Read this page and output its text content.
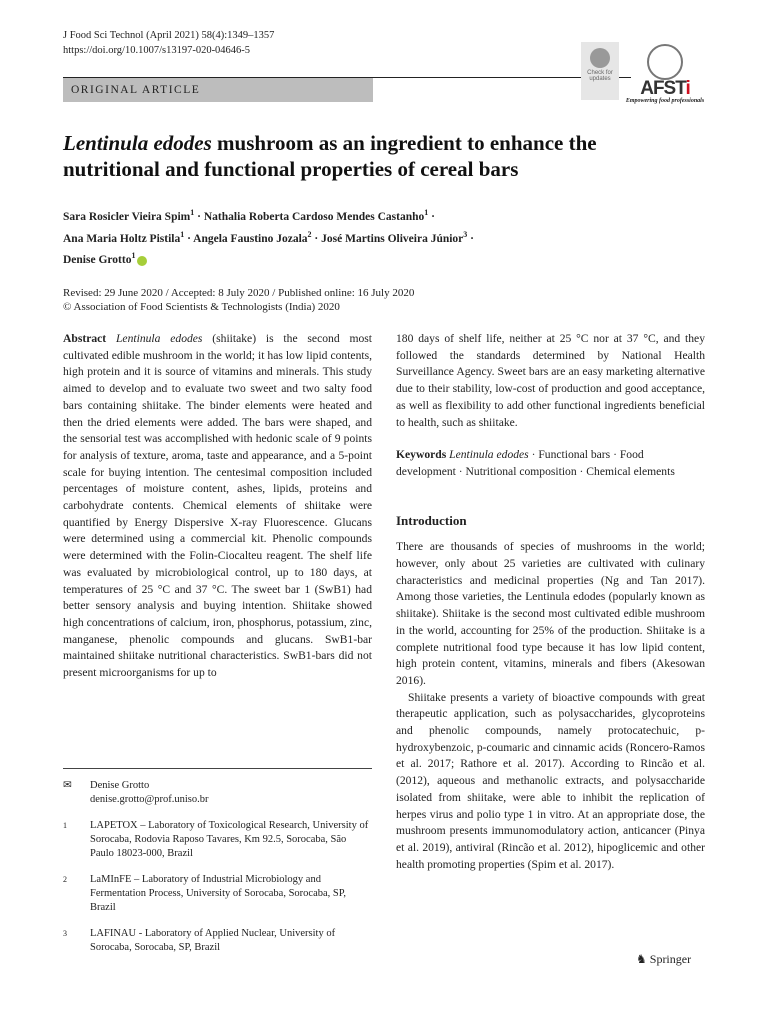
J Food Sci Technol (April 2021) 58(4):1349–1357
https://doi.org/10.1007/s13197-020-04646-5
ORIGINAL ARTICLE
Check for updates	AFSTi
Empowering food professionals
Lentinula edodes mushroom as an ingredient to enhance the nutritional and functional properties of cereal bars
Sara Rosicler Vieira Spim$^1$ · Nathalia Roberta Cardoso Mendes Castanho$^1$ ·
Ana Maria Holtz Pistila$^1$ · Angela Faustino Jozala$^2$ · José Martins Oliveira Júnior$^3$ ·
Denise Grotto$^1$
Revised: 29 June 2020 / Accepted: 8 July 2020 / Published online: 16 July 2020
© Association of Food Scientists & Technologists (India) 2020

Abstract Lentinula edodes (shiitake) is the second most cultivated edible mushroom in the world; it has low lipid contents, high protein and it is source of vitamins and minerals. This study aimed to develop and to evaluate two sweet and two salty food bars containing shiitake. The binder elements were heated and then the dried elements were added. The bars were shaped, and the sensorial test was accomplished with hedonic scale of 9 points for analysis of texture, aroma, taste and appearance, and a 5-point scale for buying intention. The centesimal composition included percentages of moisture content, ashes, lipids, proteins and carbohydrate contents. Chemical elements of shiitake were quantified by Energy Dispersive X-ray Fluorescence. Glucans were determined using a commercial kit. Phenolic compounds were determined with the Folin-Ciocalteu reagent. The shelf life was evaluated by microbiological control, up to 180 days, at temperatures of 25 °C and 37 °C. The sweet bar 1 (SwB1) had better sensory analysis and buying intention. Shiitake showed high concentrations of calcium, iron, phosphorus, potassium, zinc, manganese, phenolic compounds and glucans. SwB1-bar maintained shiitake nutritional characteristics. SwB1-bars did not present microorganisms for up to

✉	Denise Grotto
denise.grotto@prof.uniso.br
1	LAPETOX – Laboratory of Toxicological Research, University of Sorocaba, Rodovia Raposo Tavares, Km 92.5, Sorocaba, São Paulo 18023-000, Brazil
2	LaMInFE – Laboratory of Industrial Microbiology and Fermentation Process, University of Sorocaba, Sorocaba, SP, Brazil
3	LAFINAU - Laboratory of Applied Nuclear, University of Sorocaba, Sorocaba, SP, Brazil

180 days of shelf life, neither at 25 °C nor at 37 °C, and they followed the standards determined by National Health Surveillance Agency. Sweet bars are an easy marketing alternative due to their stability, low-cost of production and good acceptance, as well as flexibility to add other functional ingredients beneficial to health, such as shiitake.

Keywords Lentinula edodes · Functional bars · Food development · Nutritional composition · Chemical elements

Introduction

There are thousands of species of mushrooms in the world; however, only about 25 varieties are cultivated with culinary characteristics and medicinal properties (Ng and Tan 2017). Among those varieties, the Lentinula edodes (popularly known as shiitake). Shiitake is the second most cultivated edible mushroom in the world, accounting for 25% of the production. Shiitake is a complete nutritional food type because it has low lipid content, high protein content, vitamins, minerals and fibers (Akesowan 2016).

Shiitake presents a variety of bioactive compounds with great therapeutic application, such as polysaccharides, glycoproteins and phenolic compounds, namely protocatechuic, p-hydroxybenzoic, p-coumaric and cinnamic acids (Roncero-Ramos et al. 2017; Rathore et al. 2017). According to Rincão et al. (2012), aqueous and methanolic extracts, and polysaccharide isolated from shiitake, were able to inhibit the replication of herpes virus and polio type 1 in vitro. At an appropriate dose, the mushroom presents immunomodulatory action, anticancer (Pinya et al. 2019), antiviral (Rincão et al. 2012), hipoglicemic and other health promoting properties (Spim et al. 2017).

♞ Springer
